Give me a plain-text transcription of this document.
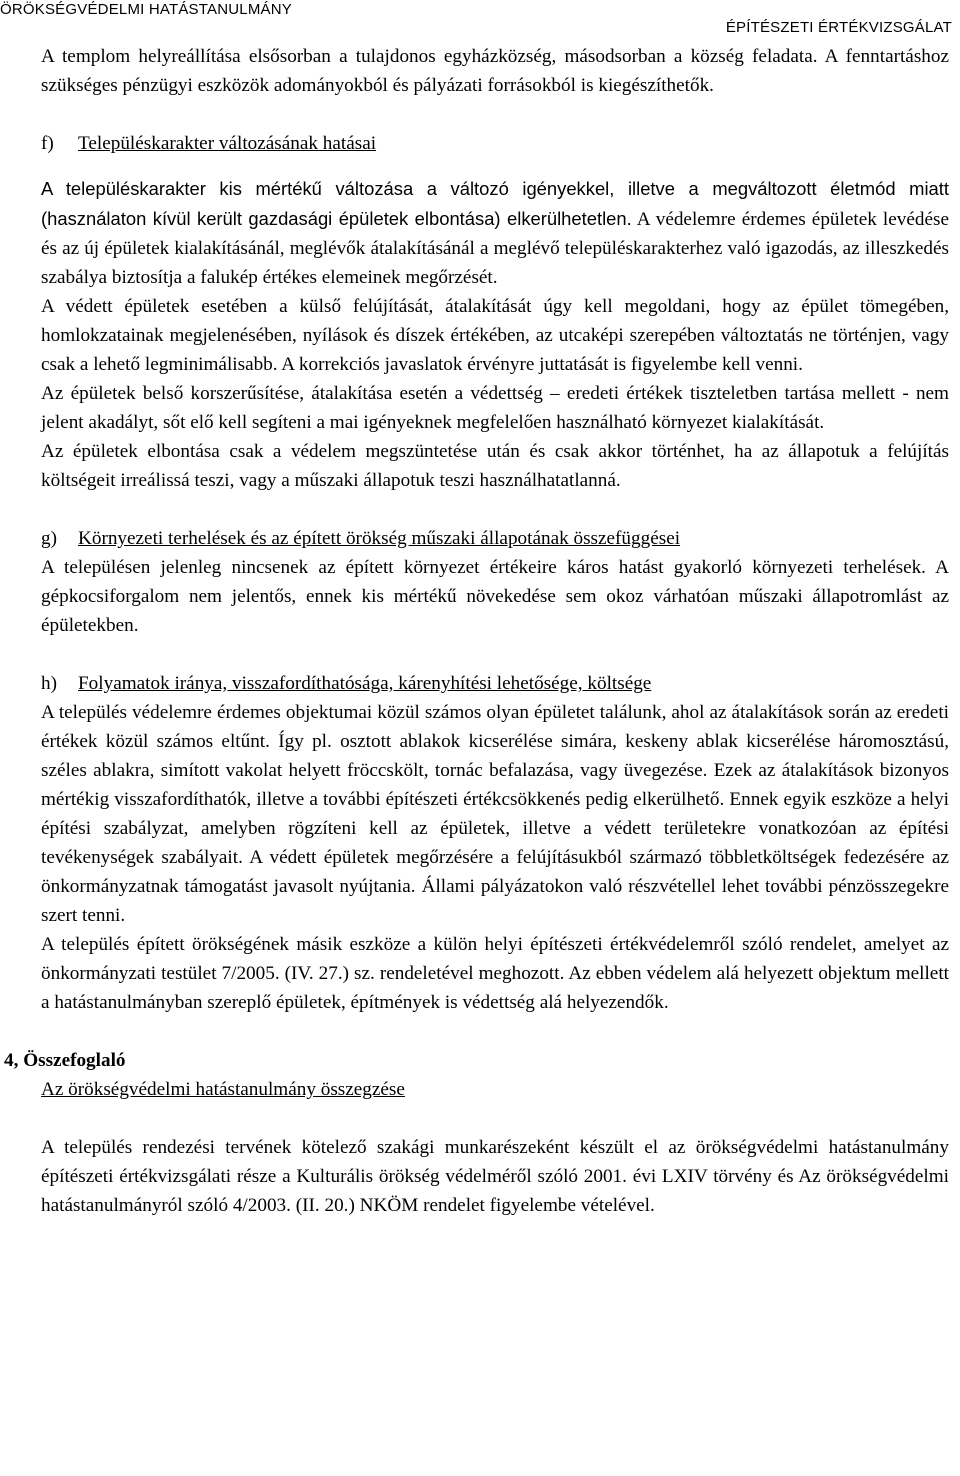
ÖRÖKSÉGVÉDELMI HATÁSTANULMÁNY
ÉPÍTÉSZETI ÉRTÉKVIZSGÁLAT

A templom helyreállítása elsősorban a tulajdonos egyházközség, másodsorban a község feladata. A fenntartáshoz szükséges pénzügyi eszközök adományokból és pályázati forrásokból is kiegészíthetők.

f) Településkarakter változásának hatásai

A településkarakter kis mértékű változása a változó igényekkel, illetve a megváltozott életmód miatt (használaton kívül került gazdasági épületek elbontása) elkerülhetetlen. A védelemre érdemes épületek levédése és az új épületek kialakításánál, meglévők átalakításánál a meglévő településkarakterhez való igazodás, az illeszkedés szabálya biztosítja a falukép értékes elemeinek megőrzését.

A védett épületek esetében a külső felújítását, átalakítását úgy kell megoldani, hogy az épület tömegében, homlokzatainak megjelenésében, nyílások és díszek értékében, az utcaképi szerepében változtatás ne történjen, vagy csak a lehető legminimálisabb. A korrekciós javaslatok érvényre juttatását is figyelembe kell venni.

Az épületek belső korszerűsítése, átalakítása esetén a védettség – eredeti értékek tiszteletben tartása mellett - nem jelent akadályt, sőt elő kell segíteni a mai igényeknek megfelelően használható környezet kialakítását.

Az épületek elbontása csak a védelem megszüntetése után és csak akkor történhet, ha az állapotuk a felújítás költségeit irreálissá teszi, vagy a műszaki állapotuk teszi használhatatlanná.

g) Környezeti terhelések és az épített örökség műszaki állapotának összefüggései

A településen jelenleg nincsenek az épített környezet értékeire káros hatást gyakorló környezeti terhelések. A gépkocsiforgalom nem jelentős, ennek kis mértékű növekedése sem okoz várhatóan műszaki állapotromlást az épületekben.

h) Folyamatok iránya, visszafordíthatósága, kárenyhítési lehetősége, költsége

A település védelemre érdemes objektumai közül számos olyan épületet találunk, ahol az átalakítások során az eredeti értékek közül számos eltűnt. Így pl. osztott ablakok kicserélése simára, keskeny ablak kicserélése háromosztású, széles ablakra, simított vakolat helyett fröccskölt, tornác befalazása, vagy üvegezése. Ezek az átalakítások bizonyos mértékig visszafordíthatók, illetve a további építészeti értékcsökkenés pedig elkerülhető. Ennek egyik eszköze a helyi építési szabályzat, amelyben rögzíteni kell az épületek, illetve a védett területekre vonatkozóan az építési tevékenységek szabályait. A védett épületek megőrzésére a felújításukból származó többletköltségek fedezésére az önkormányzatnak támogatást javasolt nyújtania. Állami pályázatokon való részvétellel lehet további pénzösszegekre szert tenni.

A település épített örökségének másik eszköze a külön helyi építészeti értékvédelemről szóló rendelet, amelyet az önkormányzati testület 7/2005. (IV. 27.) sz. rendeletével meghozott. Az ebben védelem alá helyezett objektum mellett a hatástanulmányban szereplő épületek, építmények is védettség alá helyezendők.

4, Összefoglaló

Az örökségvédelmi hatástanulmány összegzése

A település rendezési tervének kötelező szakági munkarészeként készült el az örökségvédelmi hatástanulmány építészeti értékvizsgálati része a Kulturális örökség védelméről szóló 2001. évi LXIV törvény és Az örökségvédelmi hatástanulmányról szóló 4/2003. (II. 20.) NKÖM rendelet figyelembe vételével.
